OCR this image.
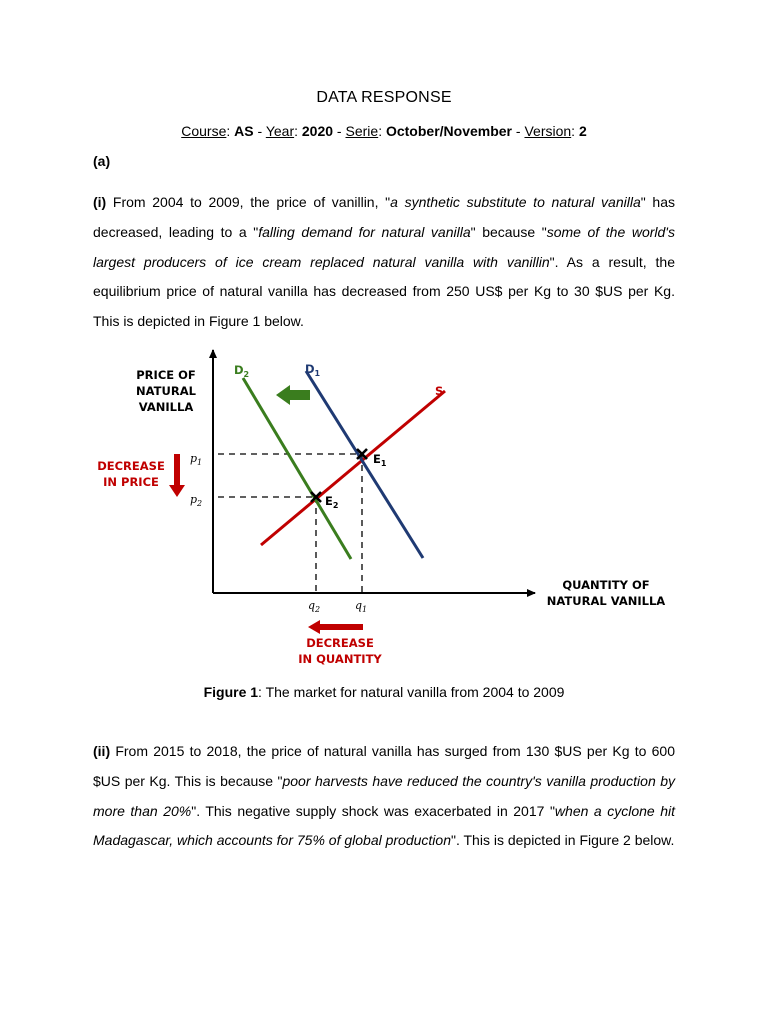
DATA RESPONSE
Course: AS - Year: 2020 - Serie: October/November - Version: 2
(a)
(i) From 2004 to 2009, the price of vanillin, "a synthetic substitute to natural vanilla" has decreased, leading to a "falling demand for natural vanilla" because "some of the world's largest producers of ice cream replaced natural vanilla with vanillin". As a result, the equilibrium price of natural vanilla has decreased from 250 US$ per Kg to 30 $US per Kg. This is depicted in Figure 1 below.
PRICE OF
NATURAL
VANILLA
QUANTITY OF
NATURAL VANILLA
$D_2$	$D_1$
S
$E_1$
$E_2$
$p_1$
$p_2$
$q_2$	$q_1$
DECREASE
IN PRICE
DECREASE
IN QUANTITY
Figure 1: The market for natural vanilla from 2004 to 2009
(ii) From 2015 to 2018, the price of natural vanilla has surged from 130 $US per Kg to 600 $US per Kg. This is because "poor harvests have reduced the country's vanilla production by more than 20%". This negative supply shock was exacerbated in 2017 "when a cyclone hit Madagascar, which accounts for 75% of global production". This is depicted in Figure 2 below.
